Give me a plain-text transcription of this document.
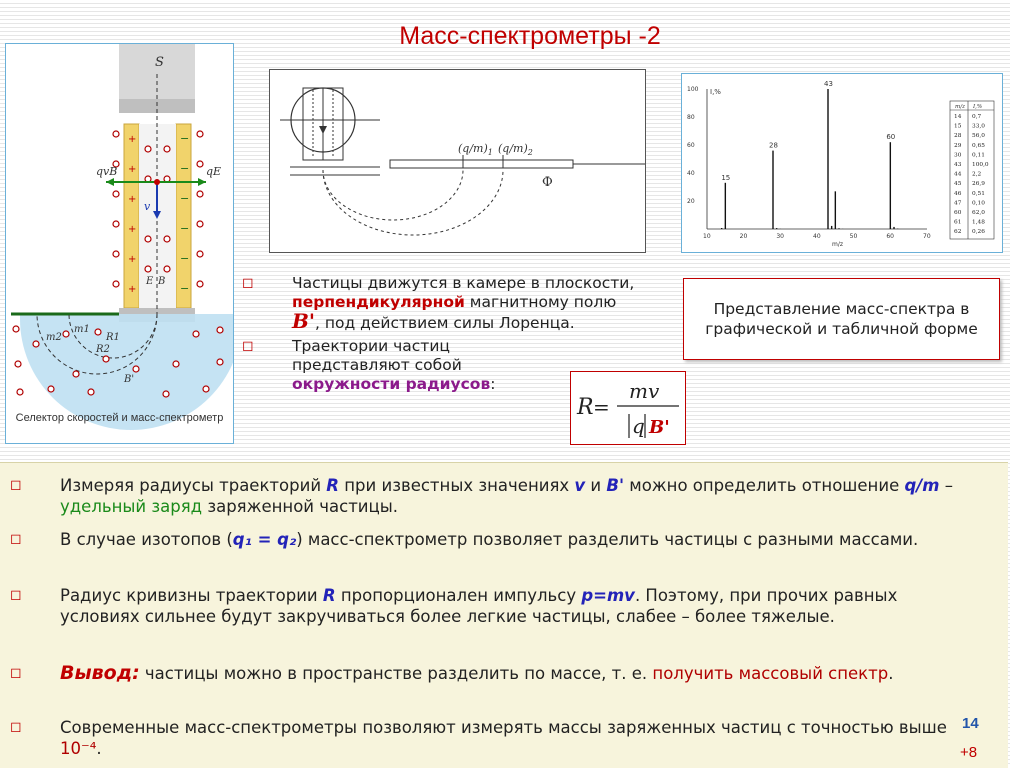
Масс-спектрометры -2
S
+
+
+
+
+
+
−
−
−
−
−
−
qvB	qE
v
E B
m2
m1
R2
R1
B'
Селектор скоростей и масс-спектрометр
$(q/m)_1$ $(q/m)_2$
Ф
I,%
m/z
100
80
60
40
20
10	20	30	40	50	60	70
15
28
43
60
m/z I,%
14 0,7
15 33,0
28 56,0
29 0,65
30 0,11
43 100,0
44 2,2
45 26,9
46 0,51
47 0,10
60 62,0
61 1,48
62 0,26
◻ Частицы движутся в камере в плоскости, перпендикулярной магнитному полю B', под действием силы Лоренца.
◻ Траектории частиц представляют собой окружности радиусов:
Представление масс-спектра в графической и табличной форме
R =
mv
q B'
◻ Измеряя радиусы траекторий R при известных значениях v и B' можно определить отношение q/m – удельный заряд заряженной частицы.
◻ В случае изотопов (q₁ = q₂) масс-спектрометр позволяет разделить частицы с разными массами.
◻ Радиус кривизны траектории R пропорционален импульсу p=mv. Поэтому, при прочих равных условиях сильнее будут закручиваться более легкие частицы, слабее – более тяжелые.
◻ Вывод: частицы можно в пространстве разделить по массе, т. е. получить массовый спектр.
◻ Современные масс-спектрометры позволяют измерять массы заряженных частиц с точностью выше 10⁻⁴.
14
+8
